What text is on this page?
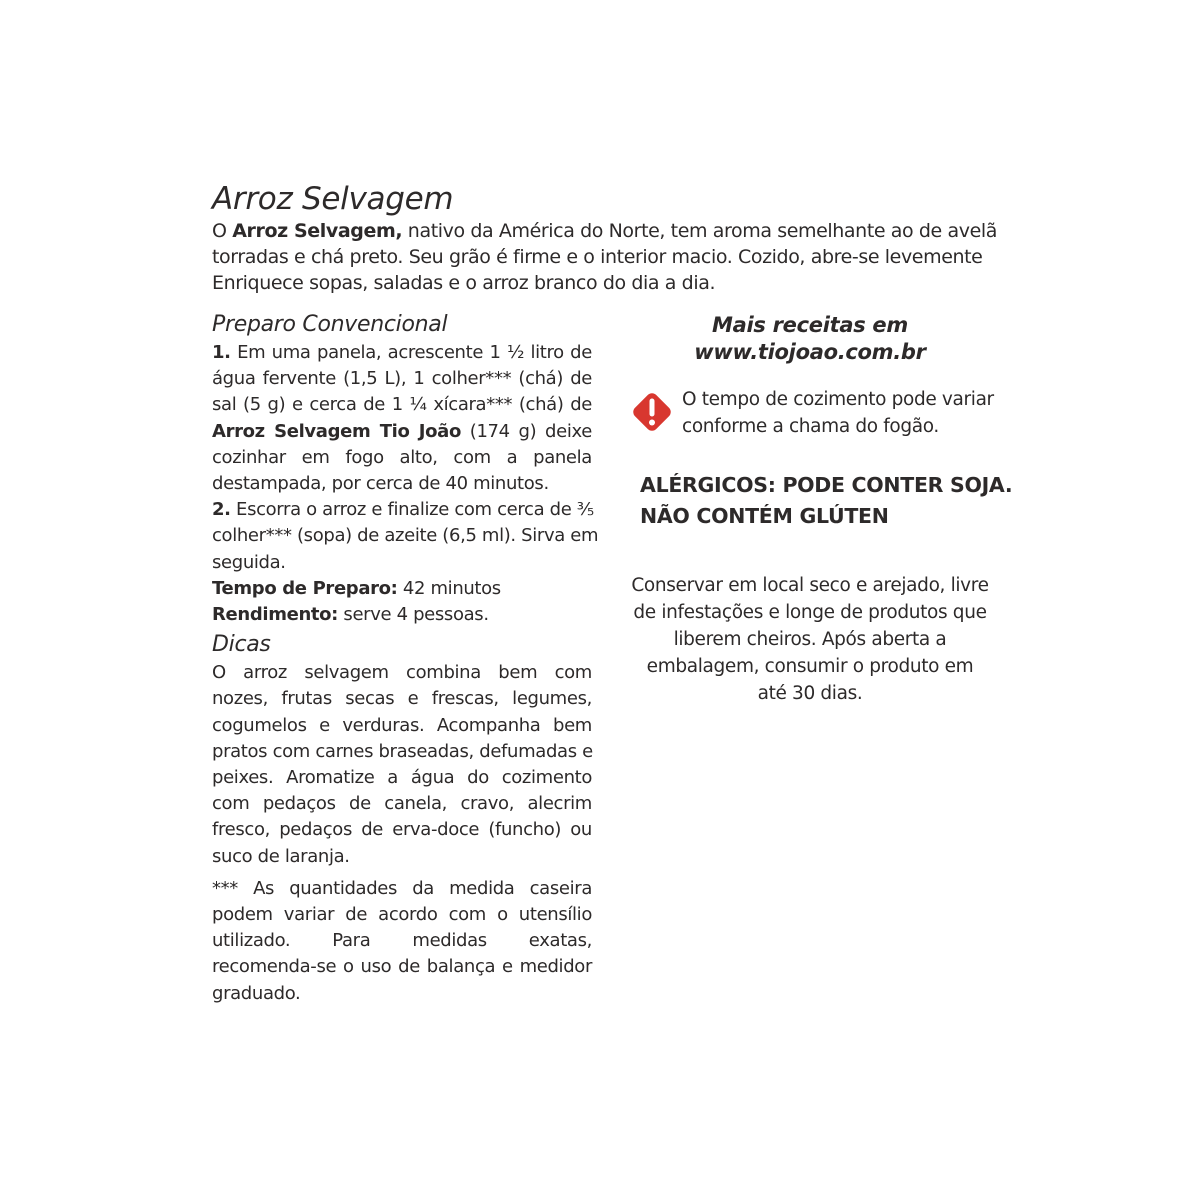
Arroz Selvagem

O Arroz Selvagem, nativo da América do Norte, tem aroma semelhante ao de avelã
torradas e chá preto. Seu grão é firme e o interior macio. Cozido, abre-se levemente
Enriquece sopas, saladas e o arroz branco do dia a dia.

Preparo Convencional

1. Em uma panela, acrescente 1 ½ litro de
água fervente (1,5 L), 1 colher*** (chá) de
sal (5 g) e cerca de 1 ¼ xícara*** (chá) de
Arroz Selvagem Tio João (174 g) deixe
cozinhar em fogo alto, com a panela
destampada, por cerca de 40 minutos.

2. Escorra o arroz e finalize com cerca de ⅗
colher*** (sopa) de azeite (6,5 ml). Sirva em
seguida.

Tempo de Preparo: 42 minutos
Rendimento: serve 4 pessoas.

Dicas

O arroz selvagem combina bem com
nozes, frutas secas e frescas, legumes,
cogumelos e verduras. Acompanha bem
pratos com carnes braseadas, defumadas e
peixes. Aromatize a água do cozimento
com pedaços de canela, cravo, alecrim
fresco, pedaços de erva-doce (funcho) ou
suco de laranja.

*** As quantidades da medida caseira
podem variar de acordo com o utensílio
utilizado. Para medidas exatas,
recomenda-se o uso de balança e medidor
graduado.

Mais receitas em
www.tiojoao.com.br

O tempo de cozimento pode variar
conforme a chama do fogão.

ALÉRGICOS: PODE CONTER SOJA.
NÃO CONTÉM GLÚTEN

Conservar em local seco e arejado, livre
de infestações e longe de produtos que
liberem cheiros. Após aberta a
embalagem, consumir o produto em
até 30 dias.
